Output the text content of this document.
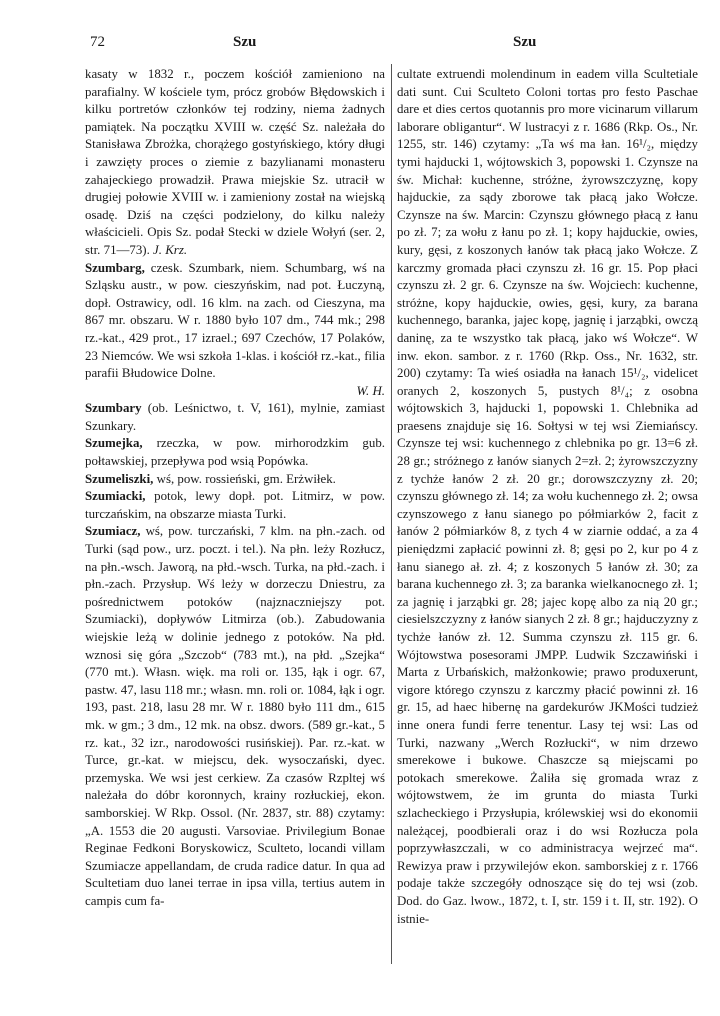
72	Szu	Szu

kasaty w 1832 r., poczem kościół zamieniono na parafialny. W kościele tym, prócz grobów Błędowskich i kilku portretów członków tej rodziny, niema żadnych pamiątek. Na początku XVIII w. część Sz. należała do Stanisława Zbrożka, chorążego gostyńskiego, który długi i zawzięty proces o ziemie z bazylianami monasteru zahajeckiego prowadził. Prawa miejskie Sz. utracił w drugiej połowie XVIII w. i zamieniony został na wiejską osadę. Dziś na części podzielony, do kilku należy właścicieli. Opis Sz. podał Stecki w dziele Wołyń (ser. 2, str. 71—73). J. Krz.

Szumbarg, czesk. Szumbark, niem. Schumbarg, wś na Szląsku austr., w pow. cieszyńskim, nad pot. Łuczyną, dopł. Ostrawicy, odl. 16 klm. na zach. od Cieszyna, ma 867 mr. obszaru. W r. 1880 było 107 dm., 744 mk.; 298 rz.-kat., 429 prot., 17 izrael.; 697 Czechów, 17 Polaków, 23 Niemców. We wsi szkoła 1-klas. i kościół rz.-kat., filia parafii Błudowice Dolne.
W. H.

Szumbary (ob. Leśnictwo, t. V, 161), mylnie, zamiast Szunkary.

Szumejka, rzeczka, w pow. mirhorodzkim gub. połtawskiej, przepływa pod wsią Popówka.

Szumeliszki, wś, pow. rossieński, gm. Erżwiłek.

Szumiacki, potok, lewy dopł. pot. Litmirz, w pow. turczańskim, na obszarze miasta Turki.

Szumiacz, wś, pow. turczański, 7 klm. na płn.-zach. od Turki (sąd pow., urz. poczt. i tel.). Na płn. leży Rozłucz, na płn.-wsch. Jaworą, na płd.-wsch. Turka, na płd.-zach. i płn.-zach. Przysłup. Wś leży w dorzeczu Dniestru, za pośrednictwem potoków (najznaczniejszy pot. Szumiacki), dopływów Litmirza (ob.). Zabudowania wiejskie leżą w dolinie jednego z potoków. Na płd. wznosi się góra „Szczob“ (783 mt.), na płd. „Szejka“ (770 mt.). Własn. więk. ma roli or. 135, łąk i ogr. 67, pastw. 47, lasu 118 mr.; własn. mn. roli or. 1084, łąk i ogr. 193, past. 218, lasu 28 mr. W r. 1880 było 111 dm., 615 mk. w gm.; 3 dm., 12 mk. na obsz. dwors. (589 gr.-kat., 5 rz. kat., 32 izr., narodowości rusińskiej). Par. rz.-kat. w Turce, gr.-kat. w miejscu, dek. wysoczański, dyec. przemyska. We wsi jest cerkiew. Za czasów Rzpltej wś należała do dóbr koronnych, krainy rozłuckiej, ekon. samborskiej. W Rkp. Ossol. (Nr. 2837, str. 88) czytamy: „A. 1553 die 20 augusti. Varsoviae. Privilegium Bonae Reginae Fedkoni Boryskowicz, Sculteto, locandi villam Szumiacze appellandam, de cruda radice datur. In qua ad Scultetiam duo lanei terrae in ipsa villa, tertius autem in campis cum fa-

cultate extruendi molendinum in eadem villa Scultetiale dati sunt. Cui Sculteto Coloni tortas pro festo Paschae dare et dies certos quotannis pro more vicinarum villarum laborare obligantur“. W lustracyi z r. 1686 (Rkp. Os., Nr. 1255, str. 146) czytamy: „Ta wś ma łan. 16¹/₂, między tymi hajducki 1, wójtowskich 3, popowski 1. Czynsze na św. Michał: kuchenne, stróżne, żyrowszczyznę, kopy hajduckie, za sądy zborowe tak płacą jako Wołcze. Czynsze na św. Marcin: Czynszu głównego płacą z łanu po zł. 7; za wołu z łanu po zł. 1; kopy hajduckie, owies, kury, gęsi, z koszonych łanów tak płacą jako Wołcze. Z karczmy gromada płaci czynszu zł. 16 gr. 15. Pop płaci czynszu zł. 2 gr. 6. Czynsze na św. Wojciech: kuchenne, stróżne, kopy hajduckie, owies, gęsi, kury, za barana kuchennego, baranka, jajec kopę, jagnię i jarząbki, owczą daninę, za te wszystko tak płacą, jako wś Wołcze“. W inw. ekon. sambor. z r. 1760 (Rkp. Oss., Nr. 1632, str. 200) czytamy: Ta wieś osiadła na łanach 15¹/₂, videlicet oranych 2, koszonych 5, pustych 8¹/₄; z osobna wójtowskich 3, hajducki 1, popowski 1. Chlebnika ad praesens znajduje się 16. Sołtysi w tej wsi Ziemiańscy. Czynsze tej wsi: kuchennego z chlebnika po gr. 13=6 zł. 28 gr.; stróżnego z łanów sianych 2=zł. 2; żyrowszczyzny z tychże łanów 2 zł. 20 gr.; dorowszczyzny zł. 20; czynszu głównego zł. 14; za wołu kuchennego zł. 2; owsa czynszowego z łanu sianego po półmiarków 2, facit z łanów 2 półmiarków 8, z tych 4 w ziarnie oddać, a za 4 pieniędzmi zapłacić powinni zł. 8; gęsi po 2, kur po 4 z łanu sianego ał. zł. 4; z koszonych 5 łanów zł. 30; za barana kuchennego zł. 3; za baranka wielkanocnego zł. 1; za jagnię i jarząbki gr. 28; jajec kopę albo za nią 20 gr.; ciesielszczyzny z łanów sianych 2 zł. 8 gr.; hajduczyzny z tychże łanów zł. 12. Summa czynszu zł. 115 gr. 6. Wójtowstwa posesorami JMPP. Ludwik Szczawiński i Marta z Urbańskich, małżonkowie; prawo produxerunt, vigore którego czynszu z karczmy płacić powinni zł. 16 gr. 15, ad haec hibernę na gardekurów JKMości tudzież inne onera fundi ferre tenentur. Lasy tej wsi: Las od Turki, nazwany „Werch Rozłucki“, w nim drzewo smerekowe i bukowe. Chaszcze są miejscami po potokach smerekowe. Żaliła się gromada wraz z wójtowstwem, że im grunta do miasta Turki szlacheckiego i Przysłupia, królewskiej wsi do ekonomii należącej, poodbierali oraz i do wsi Rozłucza pola poprzywłaszczali, w co administracya wejrzeć ma“. Rewizya praw i przywilejów ekon. samborskiej z r. 1766 podaje także szczegóły odnoszące się do tej wsi (zob. Dod. do Gaz. lwow., 1872, t. I, str. 159 i t. II, str. 192). O istnie-
